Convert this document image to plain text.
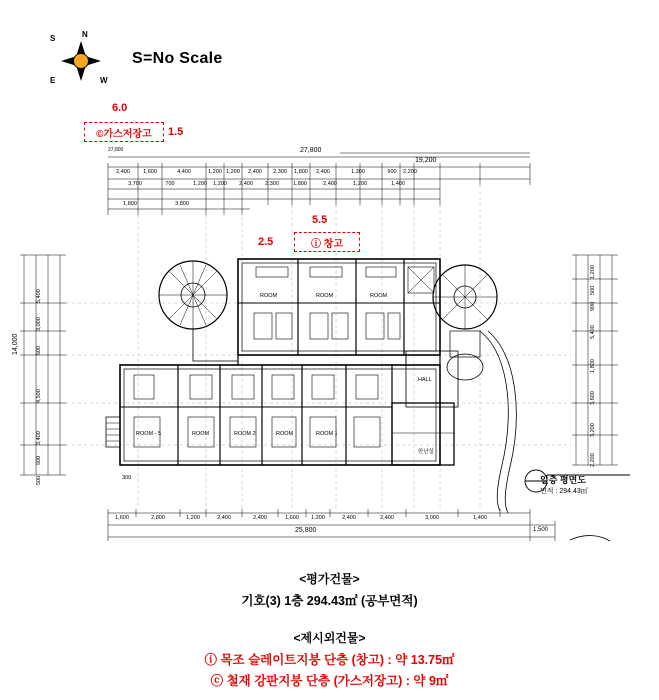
N
S
E	W
S=No Scale
6.0
1.5
©가스저장고
5.5
2.5	ⓘ 창고
27,800	27,800
19,200
25,800	1,500
14,000
2,400 1,600	4,400	1,200 1,200 2,400 2,300 1,800 2,400	1,300	900 2,200
3,700	700	1,200 1,200 2,400 2,300	1,800	2,400	1,200	1,400
1,800	3,800
1,600	2,800	1,200	2,400	2,400	1,600 1,200	2,400	2,400	3,000	1,400
5,400
3,000
500
4,500
3,400
500
500
1,200
500
900
5,400
1,800
3,600
3,200
2,200
ROOM	ROOM	ROOM
ROOM - 5	ROOM	ROOM 2	ROOM	ROOM 1
HALL
한난실
300	일층 평면도
면적 : 294.43㎡
<평가건물>
기호(3) 1층 294.43㎡ (공부면적)
<제시외건물>
ⓘ 목조 슬레이트지붕 단층 (창고) : 약 13.75㎡
ⓒ 철재 강판지붕 단층 (가스저장고) : 약 9㎡
